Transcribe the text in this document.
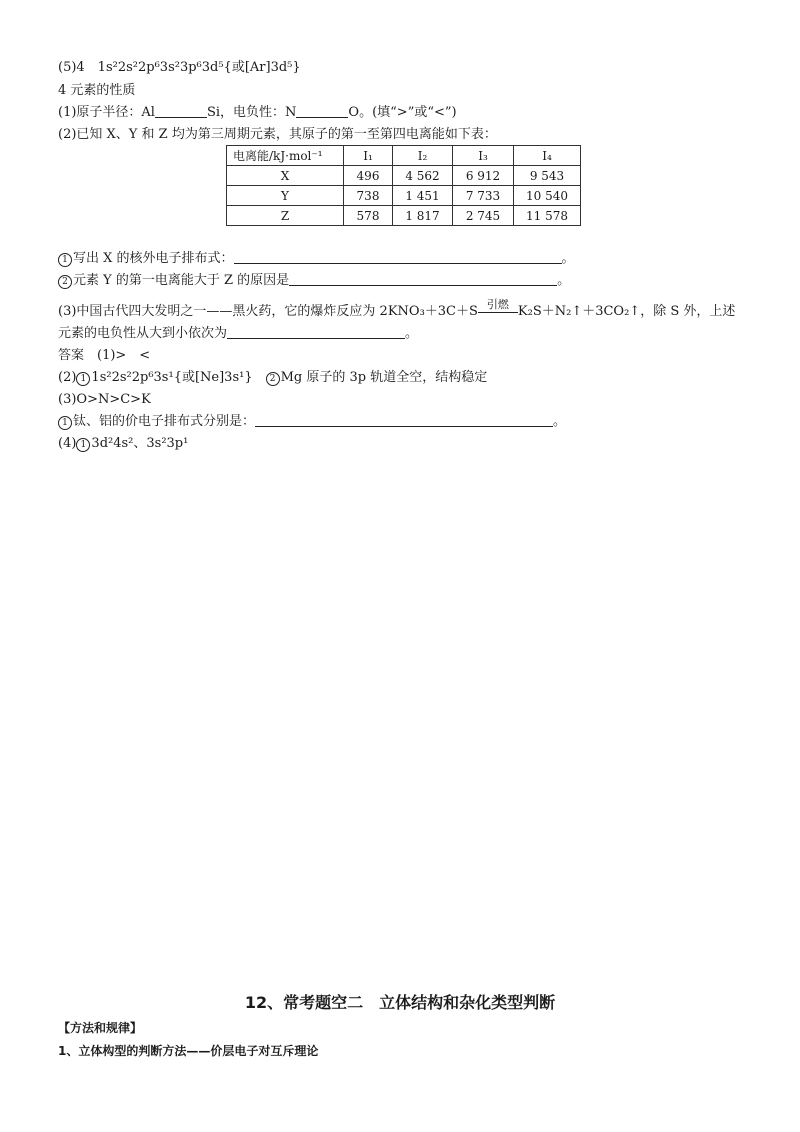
(5)4　1s²2s²2p⁶3s²3p⁶3d⁵{或[Ar]3d⁵}
4 元素的性质
(1)原子半径：Al	Si，电负性：N	O。(填“>”或“<”)
(2)已知 X、Y 和 Z 均为第三周期元素，其原子的第一至第四电离能如下表：
电离能/kJ·mol⁻¹	I₁	I₂	I₃	I₄
X	496	4 562	6 912	9 543
Y	738	1 451	7 733	10 540
Z	578	1 817	2 745	11 578
1 写出 X 的核外电子排布式：	。
2 元素 Y 的第一电离能大于 Z 的原因是	。
(3)中国古代四大发明之一——黑火药，它的爆炸反应为 2KNO₃＋3C＋S 引燃 K₂S＋N₂↑＋3CO₂↑，除 S 外，上述
元素的电负性从大到小依次为	。
答案　(1)>　<
(2) 1 1s²2s²2p⁶3s¹{或[Ne]3s¹}　2 Mg 原子的 3p 轨道全空，结构稳定
(3)O>N>C>K
1 钛、铝的价电子排布式分别是：	。
(4) 1 3d²4s²、3s²3p¹
12、常考题空二　立体结构和杂化类型判断
【方法和规律】
1、立体构型的判断方法——价层电子对互斥理论
